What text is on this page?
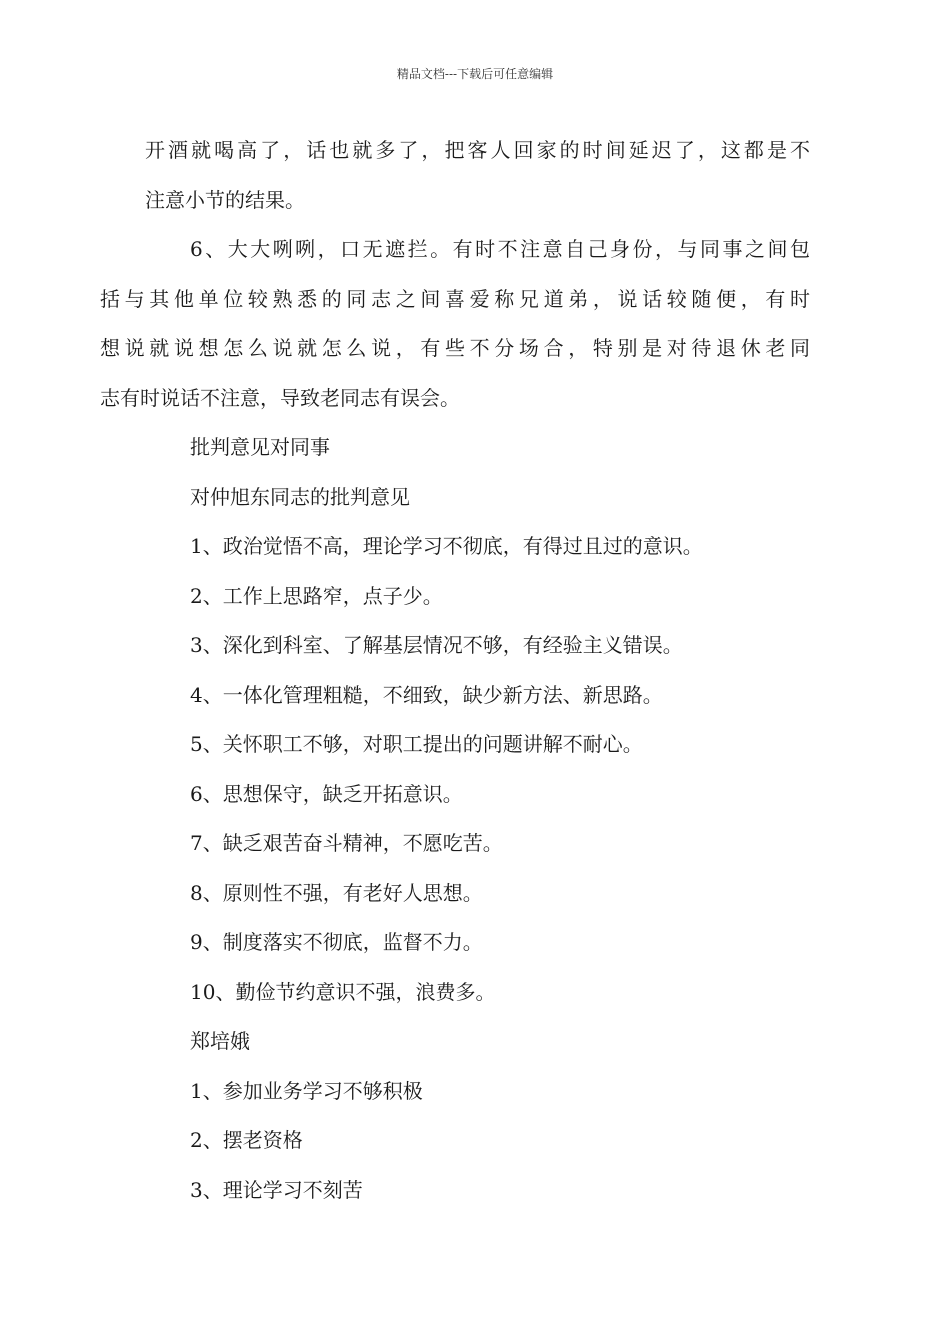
精品文档---下载后可任意编辑

开酒就喝高了，话也就多了，把客人回家的时间延迟了，这都是不
注意小节的结果。

6、大大咧咧，口无遮拦。有时不注意自己身份，与同事之间包
括与其他单位较熟悉的同志之间喜爱称兄道弟，说话较随便，有时
想说就说想怎么说就怎么说，有些不分场合，特别是对待退休老同
志有时说话不注意，导致老同志有误会。

批判意见对同事

对仲旭东同志的批判意见

1、政治觉悟不高，理论学习不彻底，有得过且过的意识。

2、工作上思路窄，点子少。

3、深化到科室、了解基层情况不够，有经验主义错误。

4、一体化管理粗糙，不细致，缺少新方法、新思路。

5、关怀职工不够，对职工提出的问题讲解不耐心。

6、思想保守，缺乏开拓意识。

7、缺乏艰苦奋斗精神，不愿吃苦。

8、原则性不强，有老好人思想。

9、制度落实不彻底，监督不力。

10、勤俭节约意识不强，浪费多。

郑培娥

1、参加业务学习不够积极

2、摆老资格

3、理论学习不刻苦
